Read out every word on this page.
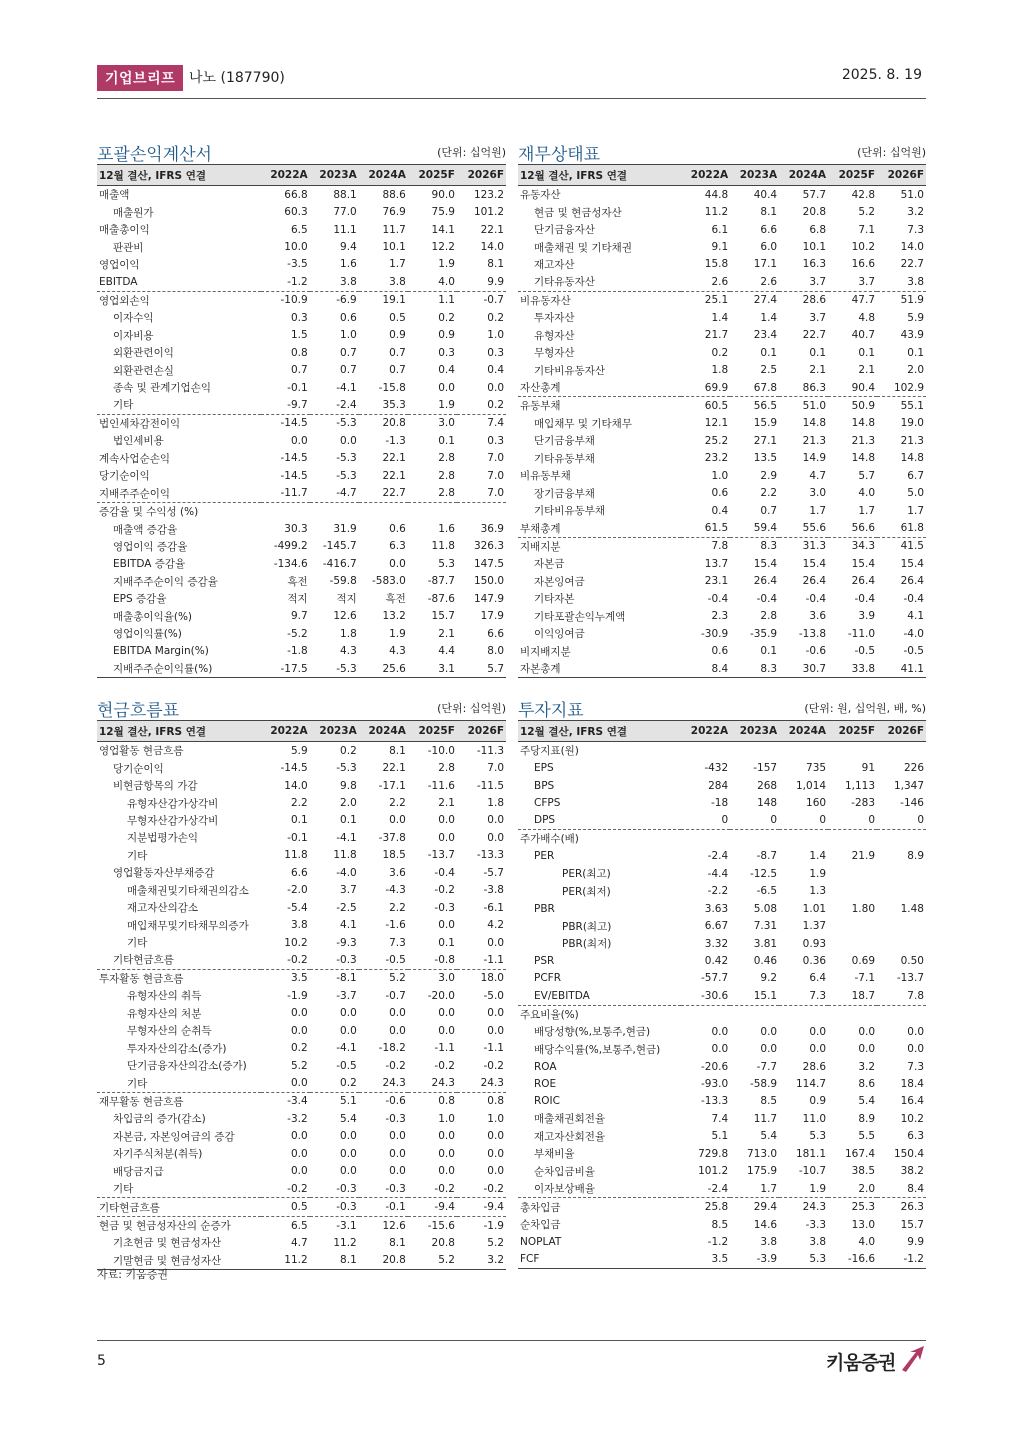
기업브리프 나노 (187790)	2025. 8. 19
포괄손익계산서	(단위: 십억원)
12월 결산, IFRS 연결	2022A	2023A	2024A	2025F	2026F
매출액	66.8	88.1	88.6	90.0	123.2
매출원가	60.3	77.0	76.9	75.9	101.2
매출총이익	6.5	11.1	11.7	14.1	22.1
판관비	10.0	9.4	10.1	12.2	14.0
영업이익	-3.5	1.6	1.7	1.9	8.1
EBITDA	-1.2	3.8	3.8	4.0	9.9
영업외손익	-10.9	-6.9	19.1	1.1	-0.7
이자수익	0.3	0.6	0.5	0.2	0.2
이자비용	1.5	1.0	0.9	0.9	1.0
외환관련이익	0.8	0.7	0.7	0.3	0.3
외환관련손실	0.7	0.7	0.7	0.4	0.4
종속 및 관계기업손익	-0.1	-4.1	-15.8	0.0	0.0
기타	-9.7	-2.4	35.3	1.9	0.2
법인세차감전이익	-14.5	-5.3	20.8	3.0	7.4
법인세비용	0.0	0.0	-1.3	0.1	0.3
계속사업순손익	-14.5	-5.3	22.1	2.8	7.0
당기순이익	-14.5	-5.3	22.1	2.8	7.0
지배주주순이익	-11.7	-4.7	22.7	2.8	7.0
증감율 및 수익성 (%)					
매출액 증감율	30.3	31.9	0.6	1.6	36.9
영업이익 증감율	-499.2	-145.7	6.3	11.8	326.3
EBITDA 증감율	-134.6	-416.7	0.0	5.3	147.5
지배주주순이익 증감율	흑전	-59.8	-583.0	-87.7	150.0
EPS 증감율	적지	적지	흑전	-87.6	147.9
매출총이익율(%)	9.7	12.6	13.2	15.7	17.9
영업이익률(%)	-5.2	1.8	1.9	2.1	6.6
EBITDA Margin(%)	-1.8	4.3	4.3	4.4	8.0
지배주주순이익률(%)	-17.5	-5.3	25.6	3.1	5.7
재무상태표	(단위: 십억원)
12월 결산, IFRS 연결	2022A	2023A	2024A	2025F	2026F
유동자산	44.8	40.4	57.7	42.8	51.0
현금 및 현금성자산	11.2	8.1	20.8	5.2	3.2
단기금융자산	6.1	6.6	6.8	7.1	7.3
매출채권 및 기타채권	9.1	6.0	10.1	10.2	14.0
재고자산	15.8	17.1	16.3	16.6	22.7
기타유동자산	2.6	2.6	3.7	3.7	3.8
비유동자산	25.1	27.4	28.6	47.7	51.9
투자자산	1.4	1.4	3.7	4.8	5.9
유형자산	21.7	23.4	22.7	40.7	43.9
무형자산	0.2	0.1	0.1	0.1	0.1
기타비유동자산	1.8	2.5	2.1	2.1	2.0
자산총계	69.9	67.8	86.3	90.4	102.9
유동부채	60.5	56.5	51.0	50.9	55.1
매입채무 및 기타채무	12.1	15.9	14.8	14.8	19.0
단기금융부채	25.2	27.1	21.3	21.3	21.3
기타유동부채	23.2	13.5	14.9	14.8	14.8
비유동부채	1.0	2.9	4.7	5.7	6.7
장기금융부채	0.6	2.2	3.0	4.0	5.0
기타비유동부채	0.4	0.7	1.7	1.7	1.7
부채총계	61.5	59.4	55.6	56.6	61.8
지배지분	7.8	8.3	31.3	34.3	41.5
자본금	13.7	15.4	15.4	15.4	15.4
자본잉여금	23.1	26.4	26.4	26.4	26.4
기타자본	-0.4	-0.4	-0.4	-0.4	-0.4
기타포괄손익누계액	2.3	2.8	3.6	3.9	4.1
이익잉여금	-30.9	-35.9	-13.8	-11.0	-4.0
비지배지분	0.6	0.1	-0.6	-0.5	-0.5
자본총계	8.4	8.3	30.7	33.8	41.1
현금흐름표	(단위: 십억원)
12월 결산, IFRS 연결	2022A	2023A	2024A	2025F	2026F
영업활동 현금흐름	5.9	0.2	8.1	-10.0	-11.3
당기순이익	-14.5	-5.3	22.1	2.8	7.0
비현금항목의 가감	14.0	9.8	-17.1	-11.6	-11.5
유형자산감가상각비	2.2	2.0	2.2	2.1	1.8
무형자산감가상각비	0.1	0.1	0.0	0.0	0.0
지분법평가손익	-0.1	-4.1	-37.8	0.0	0.0
기타	11.8	11.8	18.5	-13.7	-13.3
영업활동자산부채증감	6.6	-4.0	3.6	-0.4	-5.7
매출채권및기타채권의감소	-2.0	3.7	-4.3	-0.2	-3.8
재고자산의감소	-5.4	-2.5	2.2	-0.3	-6.1
매입채무및기타채무의증가	3.8	4.1	-1.6	0.0	4.2
기타	10.2	-9.3	7.3	0.1	0.0
기타현금흐름	-0.2	-0.3	-0.5	-0.8	-1.1
투자활동 현금흐름	3.5	-8.1	5.2	3.0	18.0
유형자산의 취득	-1.9	-3.7	-0.7	-20.0	-5.0
유형자산의 처분	0.0	0.0	0.0	0.0	0.0
무형자산의 순취득	0.0	0.0	0.0	0.0	0.0
투자자산의감소(증가)	0.2	-4.1	-18.2	-1.1	-1.1
단기금융자산의감소(증가)	5.2	-0.5	-0.2	-0.2	-0.2
기타	0.0	0.2	24.3	24.3	24.3
재무활동 현금흐름	-3.4	5.1	-0.6	0.8	0.8
차입금의 증가(감소)	-3.2	5.4	-0.3	1.0	1.0
자본금, 자본잉여금의 증감	0.0	0.0	0.0	0.0	0.0
자기주식처분(취득)	0.0	0.0	0.0	0.0	0.0
배당금지급	0.0	0.0	0.0	0.0	0.0
기타	-0.2	-0.3	-0.3	-0.2	-0.2
기타현금흐름	0.5	-0.3	-0.1	-9.4	-9.4
현금 및 현금성자산의 순증가	6.5	-3.1	12.6	-15.6	-1.9
기초현금 및 현금성자산	4.7	11.2	8.1	20.8	5.2
기말현금 및 현금성자산	11.2	8.1	20.8	5.2	3.2
투자지표	(단위: 원, 십억원, 배, %)
12월 결산, IFRS 연결	2022A	2023A	2024A	2025F	2026F
주당지표(원)					
EPS	-432	-157	735	91	226
BPS	284	268	1,014	1,113	1,347
CFPS	-18	148	160	-283	-146
DPS	0	0	0	0	0
주가배수(배)					
PER	-2.4	-8.7	1.4	21.9	8.9
PER(최고)	-4.4	-12.5	1.9		
PER(최저)	-2.2	-6.5	1.3		
PBR	3.63	5.08	1.01	1.80	1.48
PBR(최고)	6.67	7.31	1.37		
PBR(최저)	3.32	3.81	0.93		
PSR	0.42	0.46	0.36	0.69	0.50
PCFR	-57.7	9.2	6.4	-7.1	-13.7
EV/EBITDA	-30.6	15.1	7.3	18.7	7.8
주요비율(%)					
배당성향(%,보통주,현금)	0.0	0.0	0.0	0.0	0.0
배당수익률(%,보통주,현금)	0.0	0.0	0.0	0.0	0.0
ROA	-20.6	-7.7	28.6	3.2	7.3
ROE	-93.0	-58.9	114.7	8.6	18.4
ROIC	-13.3	8.5	0.9	5.4	16.4
매출채권회전율	7.4	11.7	11.0	8.9	10.2
재고자산회전율	5.1	5.4	5.3	5.5	6.3
부채비율	729.8	713.0	181.1	167.4	150.4
순차입금비율	101.2	175.9	-10.7	38.5	38.2
이자보상배율	-2.4	1.7	1.9	2.0	8.4
총차입금	25.8	29.4	24.3	25.3	26.3
순차입금	8.5	14.6	-3.3	13.0	15.7
NOPLAT	-1.2	3.8	3.8	4.0	9.9
FCF	3.5	-3.9	5.3	-16.6	-1.2
자료: 키움증권
5	키움증권
